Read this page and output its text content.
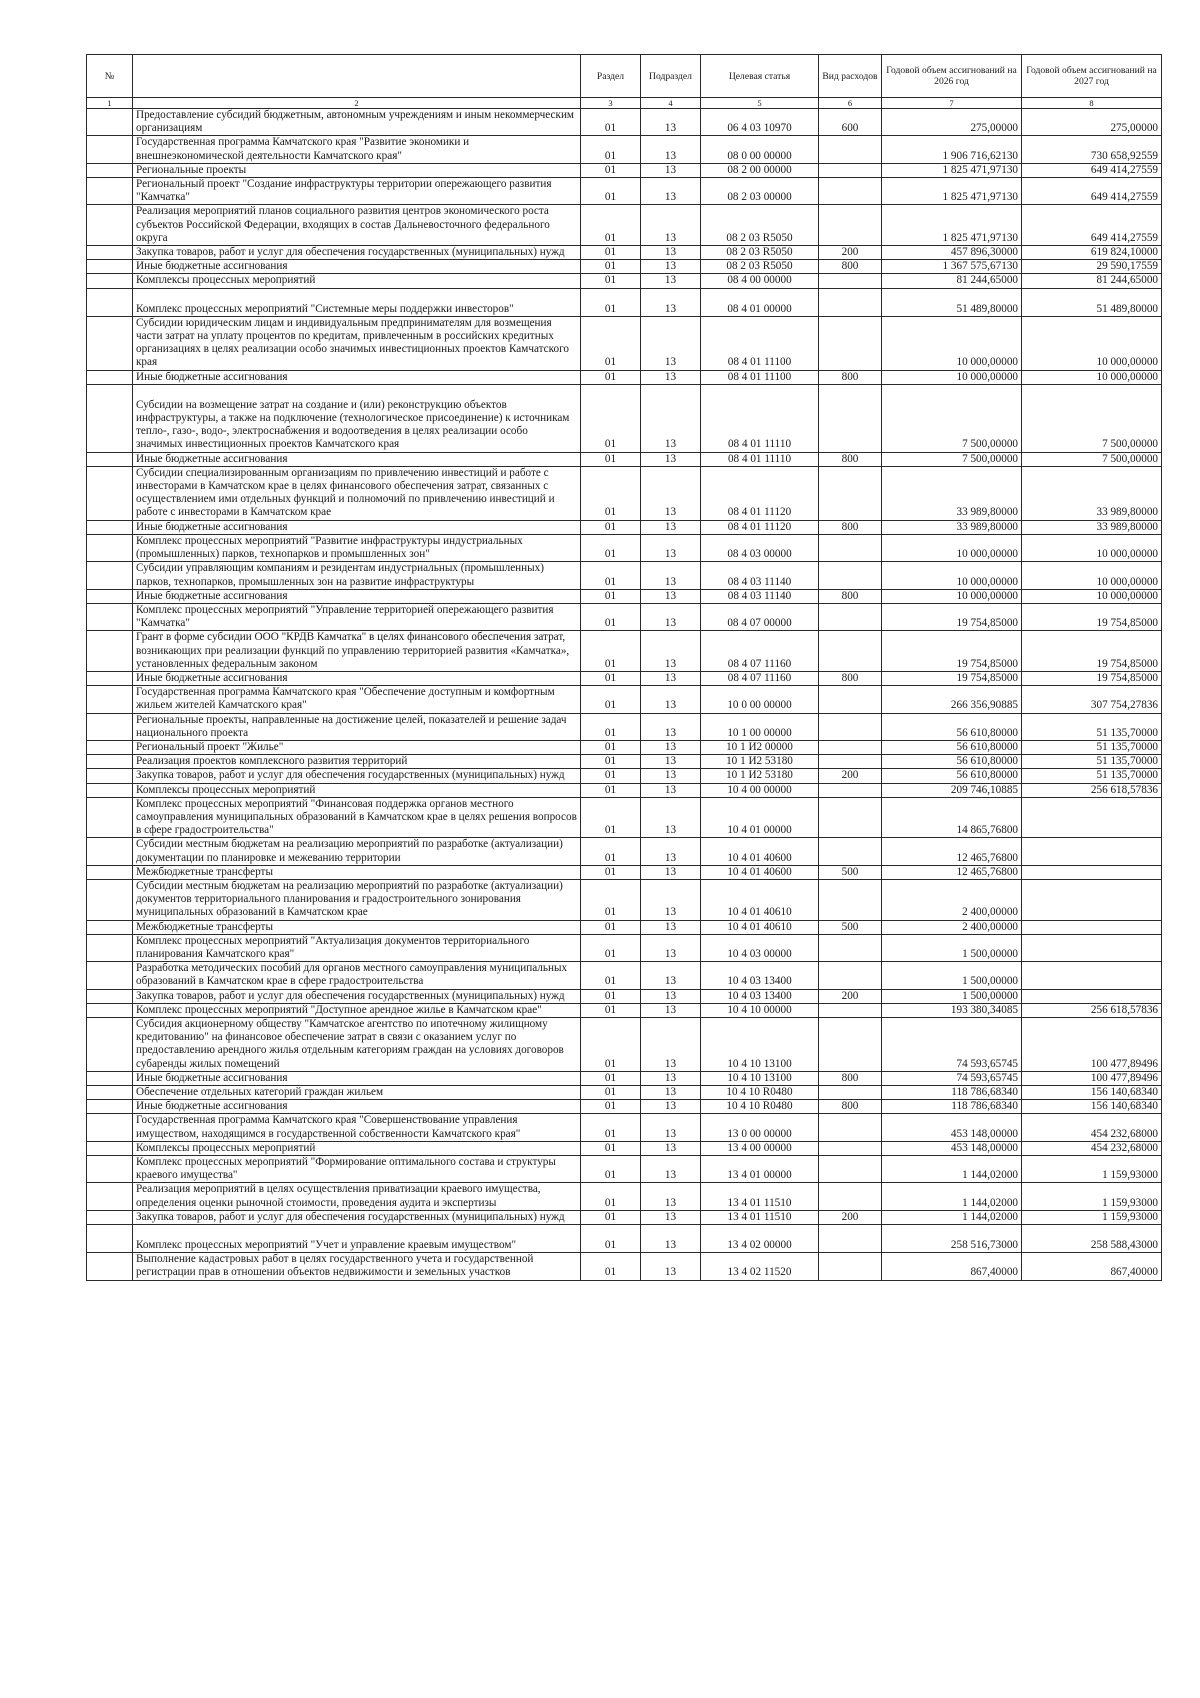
№		Раздел	Подраздел	Целевая статья	Вид расходов	Годовой объем ассигнований на 2026 год	Годовой объем ассигнований на 2027 год
1	2	3	4	5	6	7	8
	Предоставление субсидий бюджетным, автономным учреждениям и иным некоммерческим организациям	01	13	06 4 03 10970	600	275,00000	275,00000
	Государственная программа Камчатского края "Развитие экономики и внешнеэкономической деятельности Камчатского края"	01	13	08 0 00 00000		1 906 716,62130	730 658,92559
	Региональные проекты	01	13	08 2 00 00000		1 825 471,97130	649 414,27559
	Региональный проект "Создание инфраструктуры территории опережающего развития "Камчатка"	01	13	08 2 03 00000		1 825 471,97130	649 414,27559
	Реализация мероприятий планов социального развития центров экономического роста субъектов Российской Федерации, входящих в состав Дальневосточного федерального округа	01	13	08 2 03 R5050		1 825 471,97130	649 414,27559
	Закупка товаров, работ и услуг для обеспечения государственных (муниципальных) нужд	01	13	08 2 03 R5050	200	457 896,30000	619 824,10000
	Иные бюджетные ассигнования	01	13	08 2 03 R5050	800	1 367 575,67130	29 590,17559
	Комплексы процессных мероприятий	01	13	08 4 00 00000		81 244,65000	81 244,65000
	Комплекс процессных мероприятий "Системные меры поддержки инвесторов"	01	13	08 4 01 00000		51 489,80000	51 489,80000
	Субсидии юридическим лицам и индивидуальным предпринимателям для возмещения части затрат на уплату процентов по кредитам, привлеченным в российских кредитных организациях в целях реализации особо значимых инвестиционных проектов Камчатского края	01	13	08 4 01 11100		10 000,00000	10 000,00000
	Иные бюджетные ассигнования	01	13	08 4 01 11100	800	10 000,00000	10 000,00000
	Субсидии на возмещение затрат на создание и (или) реконструкцию объектов инфраструктуры, а также на подключение (технологическое присоединение) к источникам тепло-, газо-, водо-, электроснабжения и водоотведения в целях реализации особо значимых инвестиционных проектов Камчатского края	01	13	08 4 01 11110		7 500,00000	7 500,00000
	Иные бюджетные ассигнования	01	13	08 4 01 11110	800	7 500,00000	7 500,00000
	Субсидии специализированным организациям по привлечению инвестиций и работе с инвесторами в Камчатском крае в целях финансового обеспечения затрат, связанных с осуществлением ими отдельных функций и полномочий по привлечению инвестиций и работе с инвесторами в Камчатском крае	01	13	08 4 01 11120		33 989,80000	33 989,80000
	Иные бюджетные ассигнования	01	13	08 4 01 11120	800	33 989,80000	33 989,80000
	Комплекс процессных мероприятий "Развитие инфраструктуры индустриальных (промышленных) парков, технопарков и промышленных зон"	01	13	08 4 03 00000		10 000,00000	10 000,00000
	Субсидии управляющим компаниям и резидентам индустриальных (промышленных) парков, технопарков, промышленных зон на развитие инфраструктуры	01	13	08 4 03 11140		10 000,00000	10 000,00000
	Иные бюджетные ассигнования	01	13	08 4 03 11140	800	10 000,00000	10 000,00000
	Комплекс процессных мероприятий "Управление территорией опережающего развития "Камчатка"	01	13	08 4 07 00000		19 754,85000	19 754,85000
	Грант в форме субсидии ООО "КРДВ Камчатка" в целях финансового обеспечения затрат, возникающих при реализации функций по управлению территорией развития «Камчатка», установленных федеральным законом	01	13	08 4 07 11160		19 754,85000	19 754,85000
	Иные бюджетные ассигнования	01	13	08 4 07 11160	800	19 754,85000	19 754,85000
	Государственная программа Камчатского края "Обеспечение доступным и комфортным жильем жителей Камчатского края"	01	13	10 0 00 00000		266 356,90885	307 754,27836
	Региональные проекты, направленные на достижение целей, показателей и решение задач национального проекта	01	13	10 1 00 00000		56 610,80000	51 135,70000
	Региональный проект "Жилье"	01	13	10 1 И2 00000		56 610,80000	51 135,70000
	Реализация проектов комплексного развития территорий	01	13	10 1 И2 53180		56 610,80000	51 135,70000
	Закупка товаров, работ и услуг для обеспечения государственных (муниципальных) нужд	01	13	10 1 И2 53180	200	56 610,80000	51 135,70000
	Комплексы процессных мероприятий	01	13	10 4 00 00000		209 746,10885	256 618,57836
	Комплекс процессных мероприятий "Финансовая поддержка органов местного самоуправления муниципальных образований в Камчатском крае в целях решения вопросов в сфере градостроительства"	01	13	10 4 01 00000		14 865,76800	
	Субсидии местным бюджетам на реализацию мероприятий по разработке (актуализации) документации по планировке и межеванию территории	01	13	10 4 01 40600		12 465,76800	
	Межбюджетные трансферты	01	13	10 4 01 40600	500	12 465,76800	
	Субсидии местным бюджетам на реализацию мероприятий по разработке (актуализации) документов территориального планирования и градостроительного зонирования муниципальных образований в Камчатском крае	01	13	10 4 01 40610		2 400,00000	
	Межбюджетные трансферты	01	13	10 4 01 40610	500	2 400,00000	
	Комплекс процессных мероприятий "Актуализация документов территориального планирования Камчатского края"	01	13	10 4 03 00000		1 500,00000	
	Разработка методических пособий для органов местного самоуправления муниципальных образований в Камчатском крае в сфере градостроительства	01	13	10 4 03 13400		1 500,00000	
	Закупка товаров, работ и услуг для обеспечения государственных (муниципальных) нужд	01	13	10 4 03 13400	200	1 500,00000	
	Комплекс процессных мероприятий "Доступное арендное жилье в Камчатском крае"	01	13	10 4 10 00000		193 380,34085	256 618,57836
	Субсидия акционерному обществу "Камчатское агентство по ипотечному жилищному кредитованию" на финансовое обеспечение затрат в связи с оказанием услуг по предоставлению арендного жилья отдельным категориям граждан на условиях договоров субаренды жилых помещений	01	13	10 4 10 13100		74 593,65745	100 477,89496
	Иные бюджетные ассигнования	01	13	10 4 10 13100	800	74 593,65745	100 477,89496
	Обеспечение отдельных категорий граждан жильем	01	13	10 4 10 R0480		118 786,68340	156 140,68340
	Иные бюджетные ассигнования	01	13	10 4 10 R0480	800	118 786,68340	156 140,68340
	Государственная программа Камчатского края "Совершенствование управления имуществом, находящимся в государственной собственности Камчатского края"	01	13	13 0 00 00000		453 148,00000	454 232,68000
	Комплексы процессных мероприятий	01	13	13 4 00 00000		453 148,00000	454 232,68000
	Комплекс процессных мероприятий "Формирование оптимального состава и структуры краевого имущества"	01	13	13 4 01 00000		1 144,02000	1 159,93000
	Реализация мероприятий в целях осуществления приватизации краевого имущества, определения оценки рыночной стоимости, проведения аудита и экспертизы	01	13	13 4 01 11510		1 144,02000	1 159,93000
	Закупка товаров, работ и услуг для обеспечения государственных (муниципальных) нужд	01	13	13 4 01 11510	200	1 144,02000	1 159,93000
	Комплекс процессных мероприятий "Учет и управление краевым имуществом"	01	13	13 4 02 00000		258 516,73000	258 588,43000
	Выполнение кадастровых работ в целях государственного учета и государственной регистрации прав в отношении объектов недвижимости и земельных участков	01	13	13 4 02 11520		867,40000	867,40000
